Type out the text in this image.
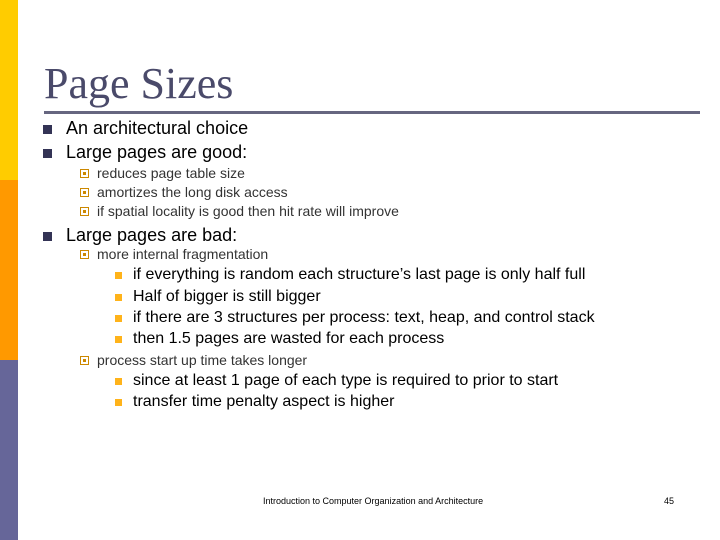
Page Sizes
An architectural choice
Large pages are good:
reduces page table size
amortizes the long disk access
if spatial locality is good then hit rate will improve
Large pages are bad:
more internal fragmentation
if everything is random each structure’s last page is only half full
Half of bigger is still bigger
if there are 3 structures per process: text, heap, and control stack
then 1.5 pages are wasted for each process
process start up time takes longer
since at least 1 page of each type is required to prior to start
transfer time penalty aspect is higher
Introduction to Computer Organization and Architecture	45
